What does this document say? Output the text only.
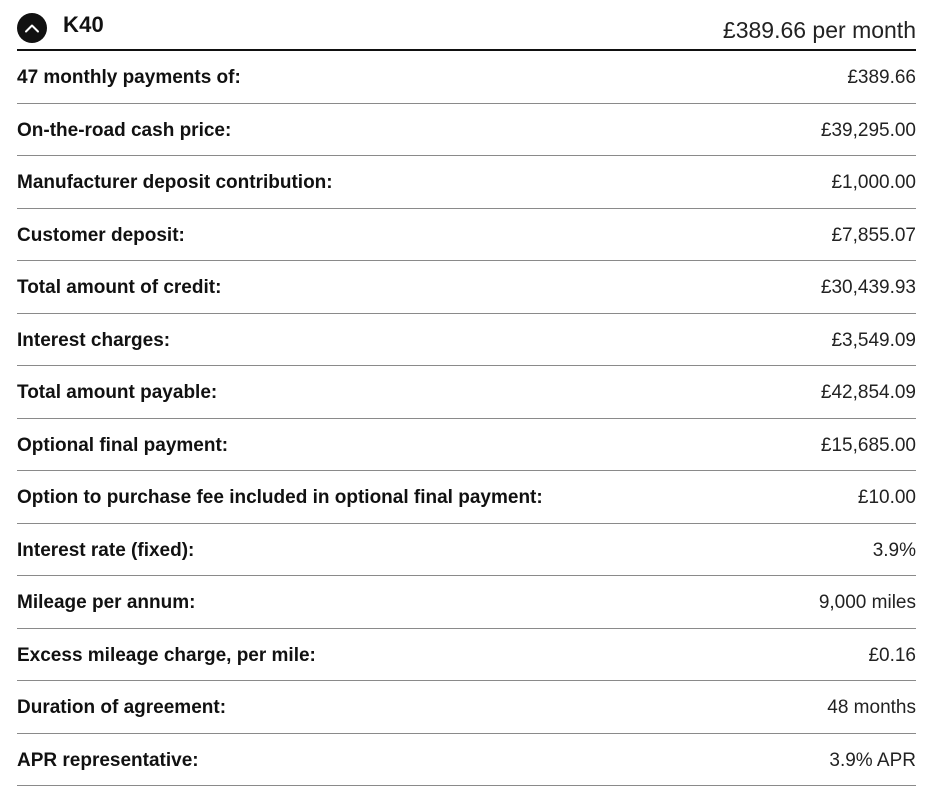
K40	£389.66 per month
47 monthly payments of:	£389.66
On-the-road cash price:	£39,295.00
Manufacturer deposit contribution:	£1,000.00
Customer deposit:	£7,855.07
Total amount of credit:	£30,439.93
Interest charges:	£3,549.09
Total amount payable:	£42,854.09
Optional final payment:	£15,685.00
Option to purchase fee included in optional final payment:	£10.00
Interest rate (fixed):	3.9%
Mileage per annum:	9,000 miles
Excess mileage charge, per mile:	£0.16
Duration of agreement:	48 months
APR representative:	3.9% APR
